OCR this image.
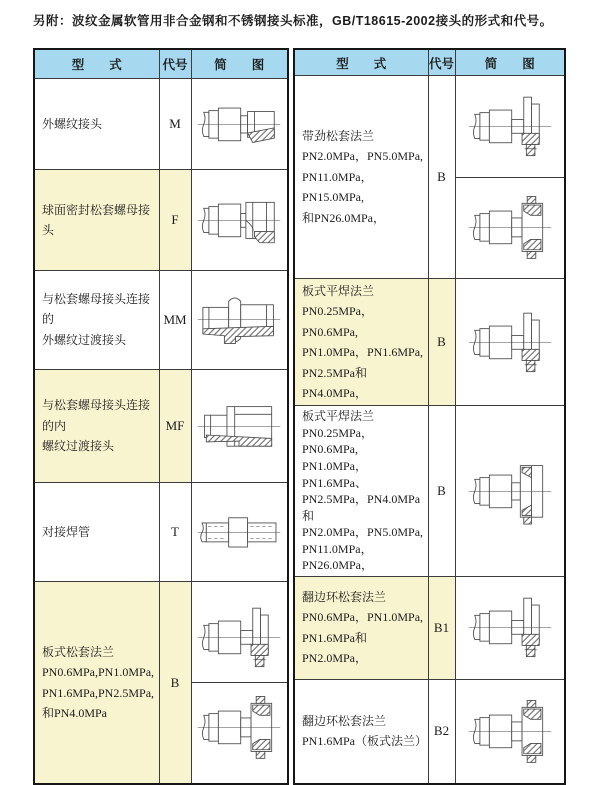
另附：波纹金属软管用非合金钢和不锈钢接头标准，GB/T18615-2002接头的形式和代号。
型　　式	代号	简　　图
外螺纹接头	M	

球面密封松套螺母接头	F	

与松套螺母接头连接的
外螺纹过渡接头	MM	

与松套螺母接头连接的内
螺纹过渡接头	MF	

对接焊管	T	

板式松套法兰
PN0.6MPa,PN1.0MPa,
PN1.6MPa,PN2.5MPa,
和PN4.0MPa	B	
型　　式	代号	简　　图
带劲松套法兰
PN2.0MPa，PN5.0MPa,
PN11.0MPa，PN15.0MPa,
和PN26.0MPa，	B	

板式平焊法兰
PN0.25MPa，PN0.6MPa,
PN1.0MPa，PN1.6MPa,
PN2.5MPa和PN4.0MPa，	B	

板式平焊法兰
PN0.25MPa，PN0.6MPa,
PN1.0MPa，PN1.6MPa、
PN2.5MPa，PN4.0MPa和
PN2.0MPa，PN5.0MPa,
PN11.0MPa，PN26.0MPa，	B	

翻边环松套法兰
PN0.6MPa，PN1.0MPa,
PN1.6MPa和PN2.0MPa，	B1	

翻边环松套法兰
PN1.6MPa（板式法兰）	B2	
